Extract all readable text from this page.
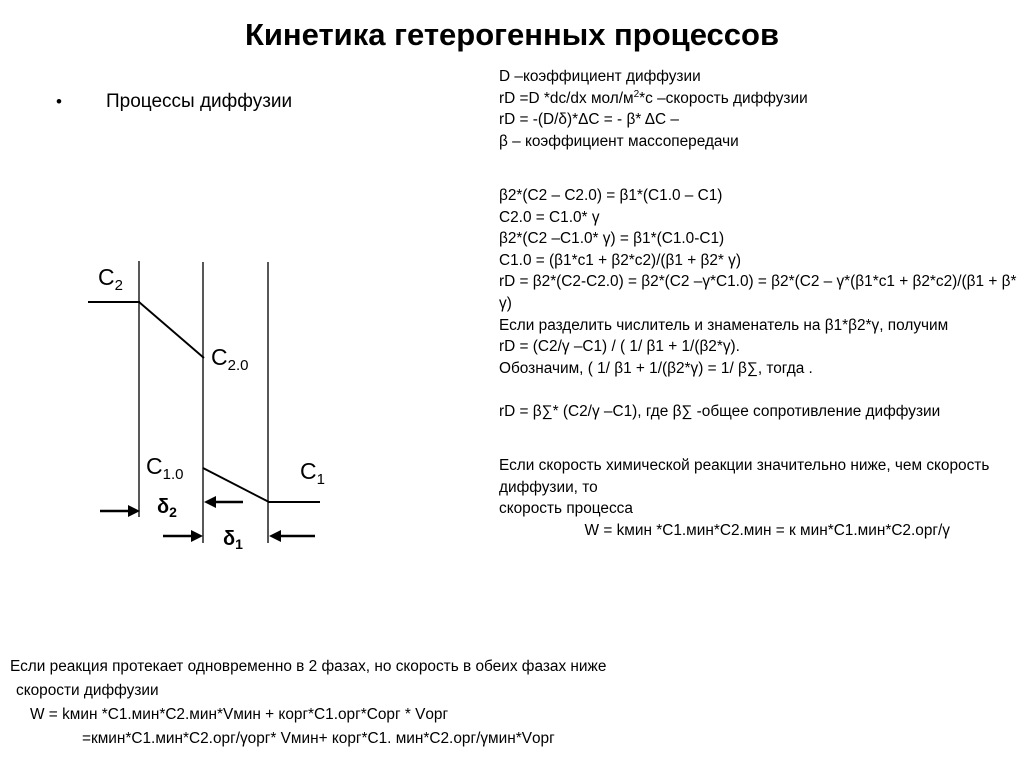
Кинетика гетерогенных процессов
•	Процессы диффузии
D –коэффициент диффузии
rD =D *dc/dx мол/$м^2*с$ –скорость диффузии
rD = -(D/δ)*ΔC = - β* ΔC –
β – коэффициент массопередачи
β2*(C2 – C2.0) = β1*(C1.0 – C1)
C2.0 = C1.0* γ
β2*(C2 –C1.0* γ) = β1*(C1.0-C1)
C1.0 = (β1*c1 + β2*c2)/(β1 + β2* γ)
rD = β2*(C2-C2.0) = β2*(C2 –γ*C1.0) = β2*(C2 – γ*(β1*c1 + β2*c2)/(β1 + β* γ)
Если разделить числитель и знаменатель на β1*β2*γ, получим
rD = (C2/γ –C1) / ( 1/ β1 + 1/(β2*γ).
Обозначим, ( 1/ β1 + 1/(β2*γ) = 1/ β∑, тогда .
rD = β∑* (C2/γ –C1), где β∑ -общее сопротивление диффузии
Если скорость химической реакции значительно ниже, чем скорость диффузии, то
скорость процесса
W = kмин *С1.мин*С2.мин = к мин*С1.мин*С2.орг/γ
$C_2$
$C_{2.0}$
$C_{1.0}$	$C_1$
$\delta_2$
$\delta_1$
Если реакция протекает одновременно в 2 фазах, но скорость в обеих фазах ниже
скорости диффузии
W = kмин *С1.мин*С2.мин*Vмин + корг*С1.орг*Сорг * Vорг
=кмин*С1.мин*С2.орг/γорг* Vмин+ корг*С1. мин*С2.орг/γмин*Vорг
